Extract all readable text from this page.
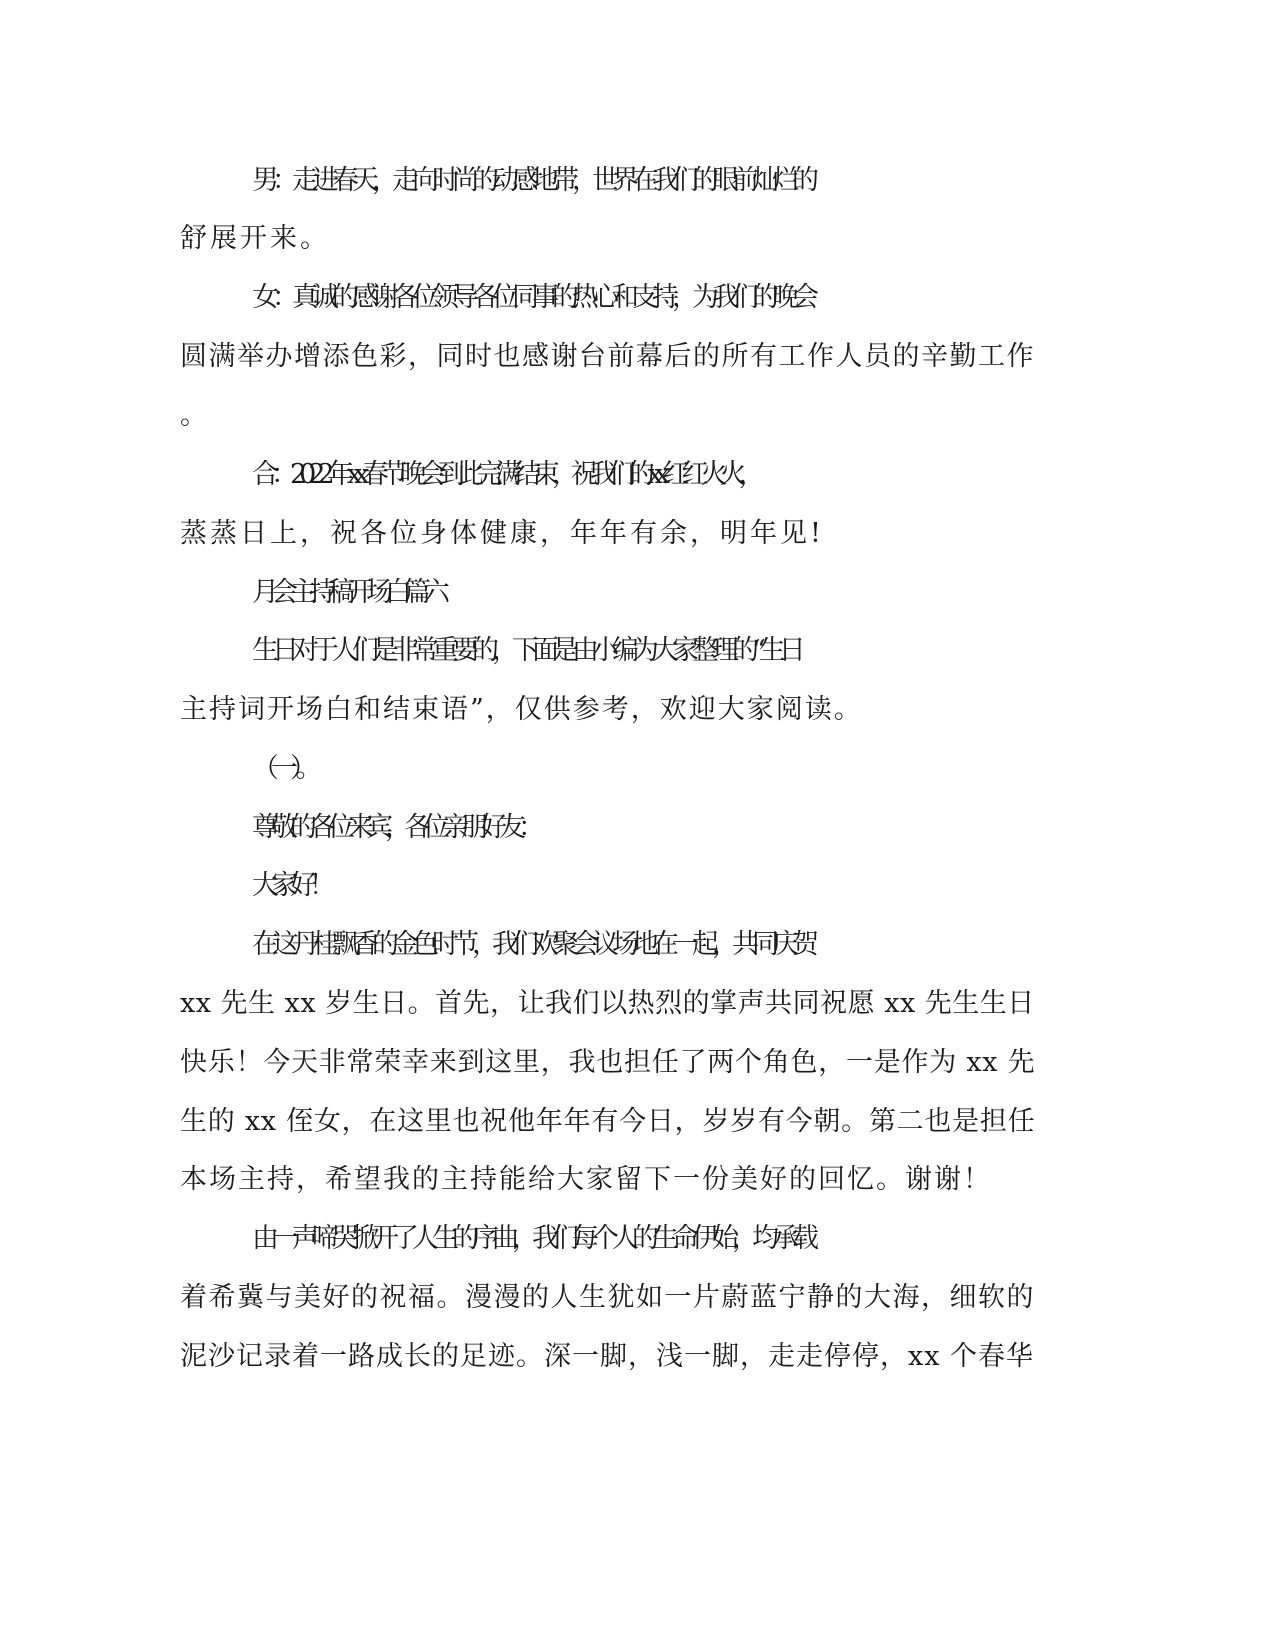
男：走进春天，走向时尚的动感地带，世界在我们的眼前灿烂的
舒展开来。
女：真诚的感谢各位领导各位同事的热心和支持，为我们的晚会
圆满举办增添色彩，同时也感谢台前幕后的所有工作人员的辛勤工作
。
合：2022 年 xx 春节晚会到此完满结束，祝我们的 xx 红红火火，
蒸蒸日上，祝各位身体健康，年年有余，明年见!
月会主持稿开场白篇六
生日对于人们是非常重要的，下面是由小编为大家整理的“生日
主持词开场白和结束语”，仅供参考，欢迎大家阅读。
（一）。
尊敬的各位来宾，各位亲朋好友：
大家好！
在这丹桂飘香的金色时节，我们欢聚会议场地在一起，共同庆贺
xx 先生 xx 岁生日。首先，让我们以热烈的掌声共同祝愿 xx 先生生日
快乐！今天非常荣幸来到这里，我也担任了两个角色，一是作为 xx 先
生的 xx 侄女，在这里也祝他年年有今日，岁岁有今朝。第二也是担任
本场主持，希望我的主持能给大家留下一份美好的回忆。谢谢！
由一声啼哭掀开了人生的序曲，我们每个人的生命伊始，均承载
着希冀与美好的祝福。漫漫的人生犹如一片蔚蓝宁静的大海，细软的
泥沙记录着一路成长的足迹。深一脚，浅一脚，走走停停，xx 个春华
